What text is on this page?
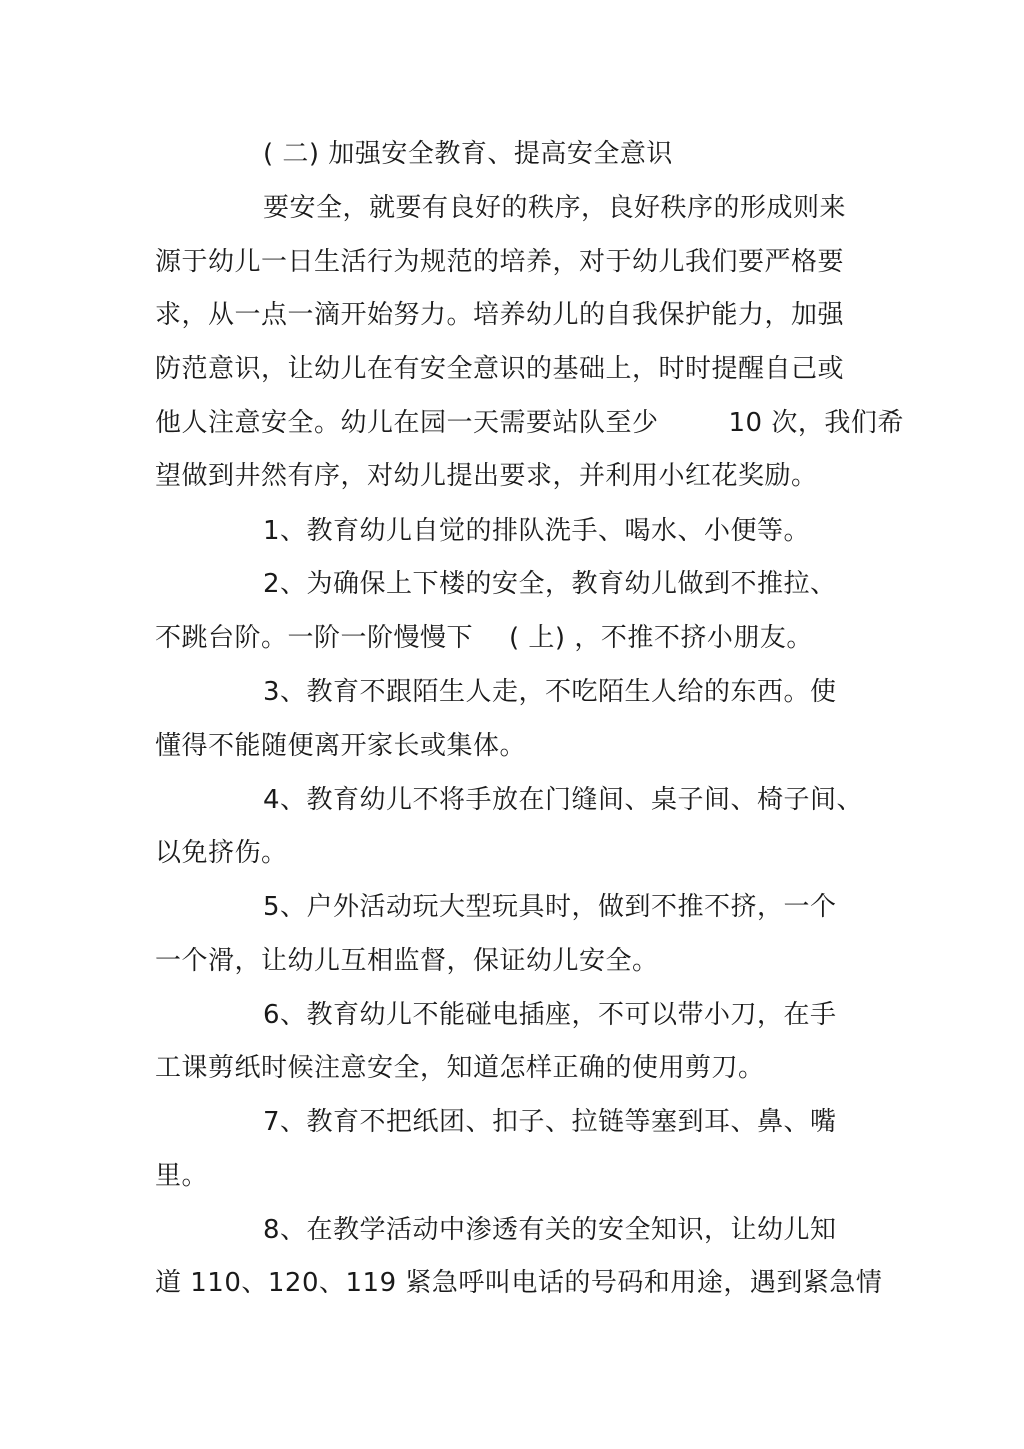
( 二) 加强安全教育、提高安全意识
要安全，就要有良好的秩序，良好秩序的形成则来
源于幼儿一日生活行为规范的培养，对于幼儿我们要严格要
求，从一点一滴开始努力。培养幼儿的自我保护能力，加强
防范意识，让幼儿在有安全意识的基础上，时时提醒自己或
他人注意安全。幼儿在园一天需要站队至少	10 次，我们希
望做到井然有序，对幼儿提出要求，并利用小红花奖励。
1、教育幼儿自觉的排队洗手、喝水、小便等。
2、为确保上下楼的安全，教育幼儿做到不推拉、
不跳台阶。一阶一阶慢慢下 ( 上) ，不推不挤小朋友。
3、教育不跟陌生人走，不吃陌生人给的东西。使
懂得不能随便离开家长或集体。
4、教育幼儿不将手放在门缝间、桌子间、椅子间、
以免挤伤。
5、户外活动玩大型玩具时，做到不推不挤，一个
一个滑，让幼儿互相监督，保证幼儿安全。
6、教育幼儿不能碰电插座，不可以带小刀，在手
工课剪纸时候注意安全，知道怎样正确的使用剪刀。
7、教育不把纸团、扣子、拉链等塞到耳、鼻、嘴
里。
8、在教学活动中渗透有关的安全知识，让幼儿知
道 110、120、119 紧急呼叫电话的号码和用途，遇到紧急情
